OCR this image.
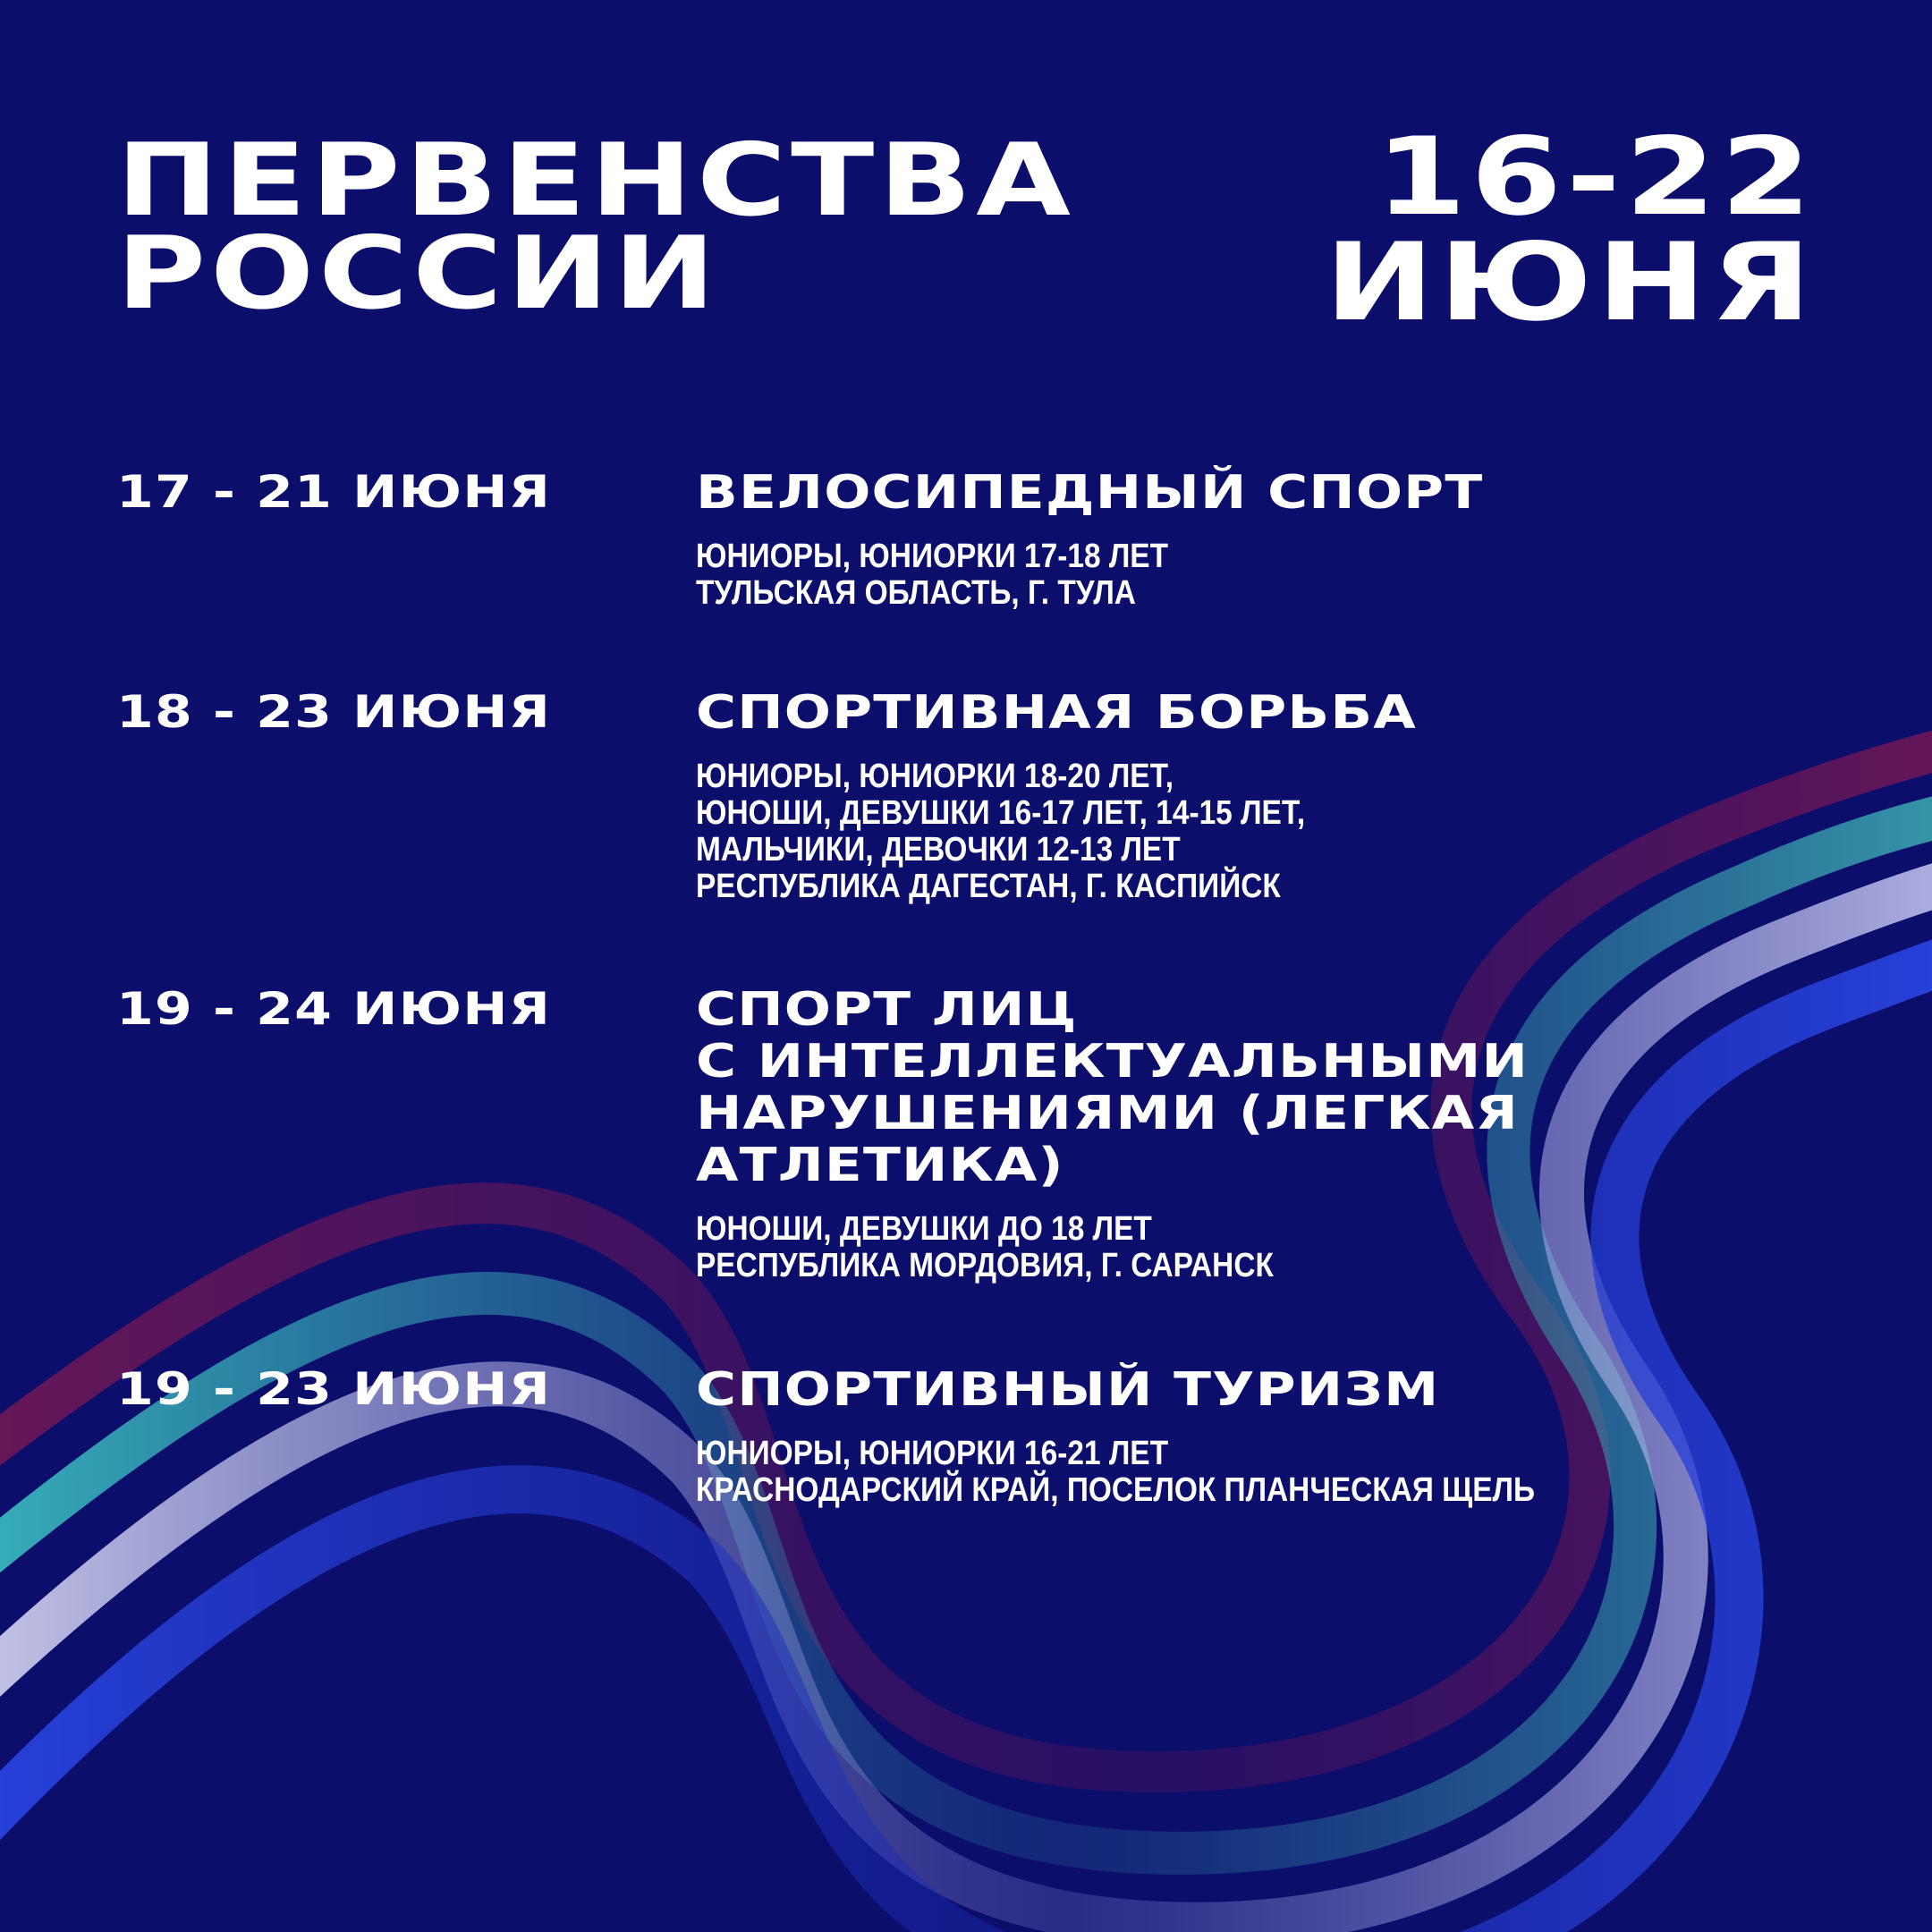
ПЕРВЕНСТВА
РОССИИ
16-22
ИЮНЯ
17 - 21 ИЮНЯ	ВЕЛОСИПЕДНЫЙ СПОРТ
ЮНИОРЫ, ЮНИОРКИ 17-18 ЛЕТ
ТУЛЬСКАЯ ОБЛАСТЬ, Г. ТУЛА
18 - 23 ИЮНЯ	СПОРТИВНАЯ БОРЬБА
ЮНИОРЫ, ЮНИОРКИ 18-20 ЛЕТ,
ЮНОШИ, ДЕВУШКИ 16-17 ЛЕТ, 14-15 ЛЕТ,
МАЛЬЧИКИ, ДЕВОЧКИ 12-13 ЛЕТ
РЕСПУБЛИКА ДАГЕСТАН, Г. КАСПИЙСК
19 - 24 ИЮНЯ	СПОРТ ЛИЦ
С ИНТЕЛЛЕКТУАЛЬНЫМИ
НАРУШЕНИЯМИ (ЛЕГКАЯ
АТЛЕТИКА)
ЮНОШИ, ДЕВУШКИ ДО 18 ЛЕТ
РЕСПУБЛИКА МОРДОВИЯ, Г. САРАНСК
19 - 23 ИЮНЯ	СПОРТИВНЫЙ ТУРИЗМ
ЮНИОРЫ, ЮНИОРКИ 16-21 ЛЕТ
КРАСНОДАРСКИЙ КРАЙ, ПОСЕЛОК ПЛАНЧЕСКАЯ ЩЕЛЬ
